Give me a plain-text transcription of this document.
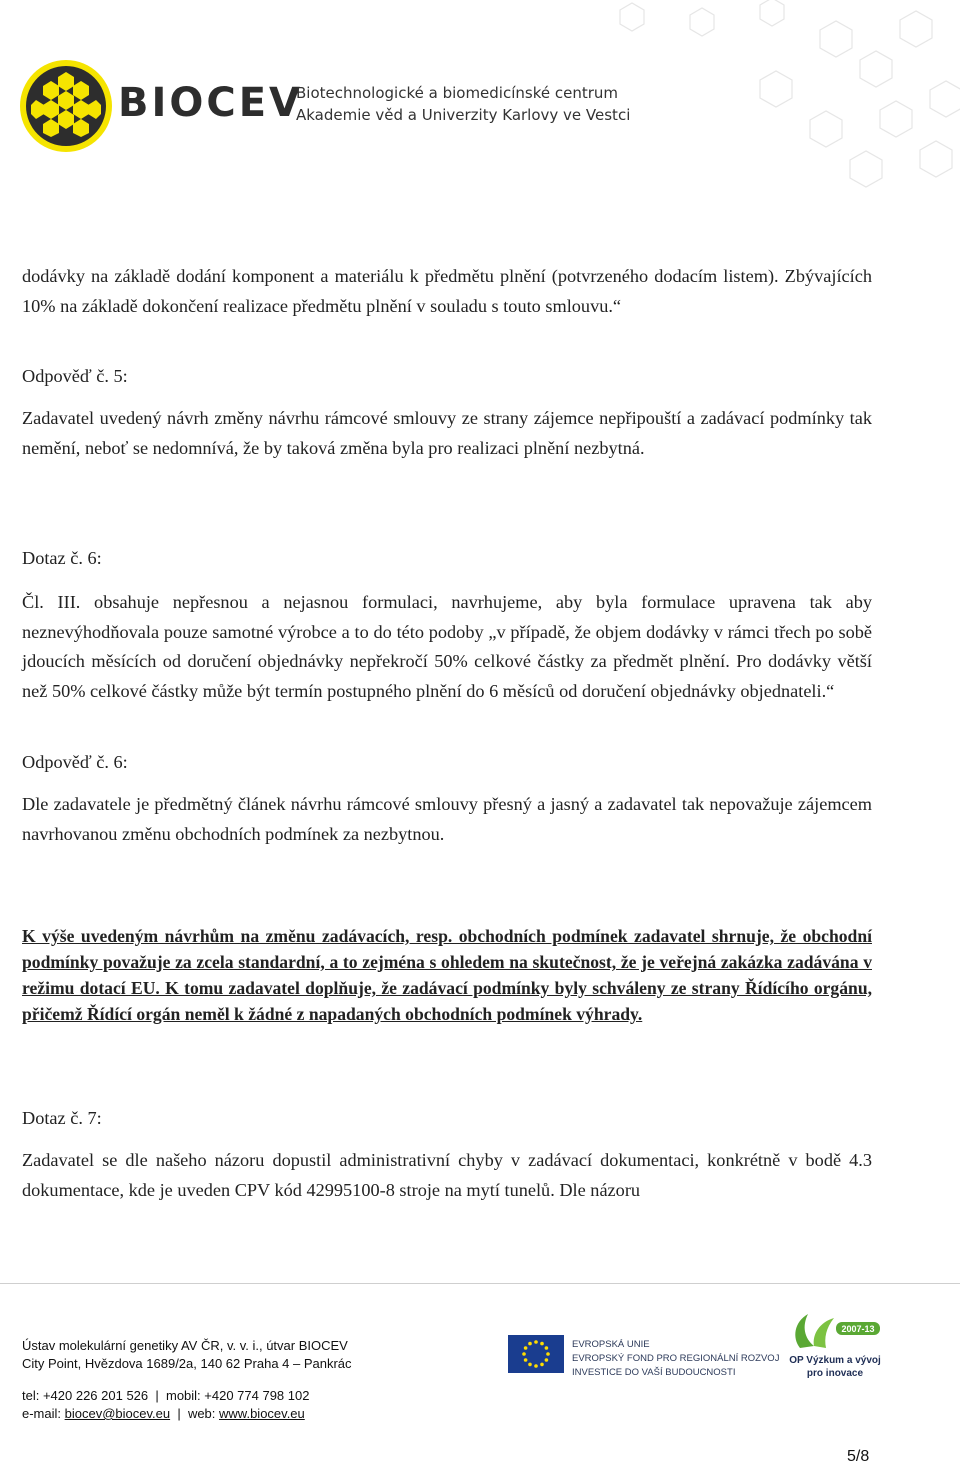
BIOCEV
Biotechnologické a biomedicínské centrum
Akademie věd a Univerzity Karlovy ve Vestci

dodávky na základě dodání komponent a materiálu k předmětu plnění (potvrzeného dodacím listem). Zbývajících 10% na základě dokončení realizace předmětu plnění v souladu s touto smlouvu.“

Odpověď č. 5:

Zadavatel uvedený návrh změny návrhu rámcové smlouvy ze strany zájemce nepřipouští a zadávací podmínky tak nemění, neboť se nedomnívá, že by taková změna byla pro realizaci plnění nezbytná.

Dotaz č. 6:

Čl. III. obsahuje nepřesnou a nejasnou formulaci, navrhujeme, aby byla formulace upravena tak aby neznevýhodňovala pouze samotné výrobce a to do této podoby „v případě, že objem dodávky v rámci třech po sobě jdoucích měsících od doručení objednávky nepřekročí 50% celkové částky za předmět plnění. Pro dodávky větší než 50% celkové částky může být termín postupného plnění do 6 měsíců od doručení objednávky objednateli.“

Odpověď č. 6:

Dle zadavatele je předmětný článek návrhu rámcové smlouvy přesný a jasný a zadavatel tak nepovažuje zájemcem navrhovanou změnu obchodních podmínek za nezbytnou.

K výše uvedeným návrhům na změnu zadávacích, resp. obchodních podmínek zadavatel shrnuje, že obchodní podmínky považuje za zcela standardní, a to zejména s ohledem na skutečnost, že je veřejná zakázka zadávána v režimu dotací EU. K tomu zadavatel doplňuje, že zadávací podmínky byly schváleny ze strany Řídícího orgánu, přičemž Řídící orgán neměl k žádné z napadaných obchodních podmínek výhrady.

Dotaz č. 7:

Zadavatel se dle našeho názoru dopustil administrativní chyby v zadávací dokumentaci, konkrétně v bodě 4.3 dokumentace, kde je uveden CPV kód 42995100-8 stroje na mytí tunelů. Dle názoru

Ústav molekulární genetiky AV ČR, v. v. i., útvar BIOCEV
City Point, Hvězdova 1689/2a, 140 62 Praha 4 – Pankrác
tel: +420 226 201 526  |  mobil: +420 774 798 102
e-mail: biocev@biocev.eu  |  web: www.biocev.eu
EVROPSKÁ UNIE
EVROPSKÝ FOND PRO REGIONÁLNÍ ROZVOJ
INVESTICE DO VAŠÍ BUDOUCNOSTI
2007-13
OP Výzkum a vývoj
pro inovace
5/8
